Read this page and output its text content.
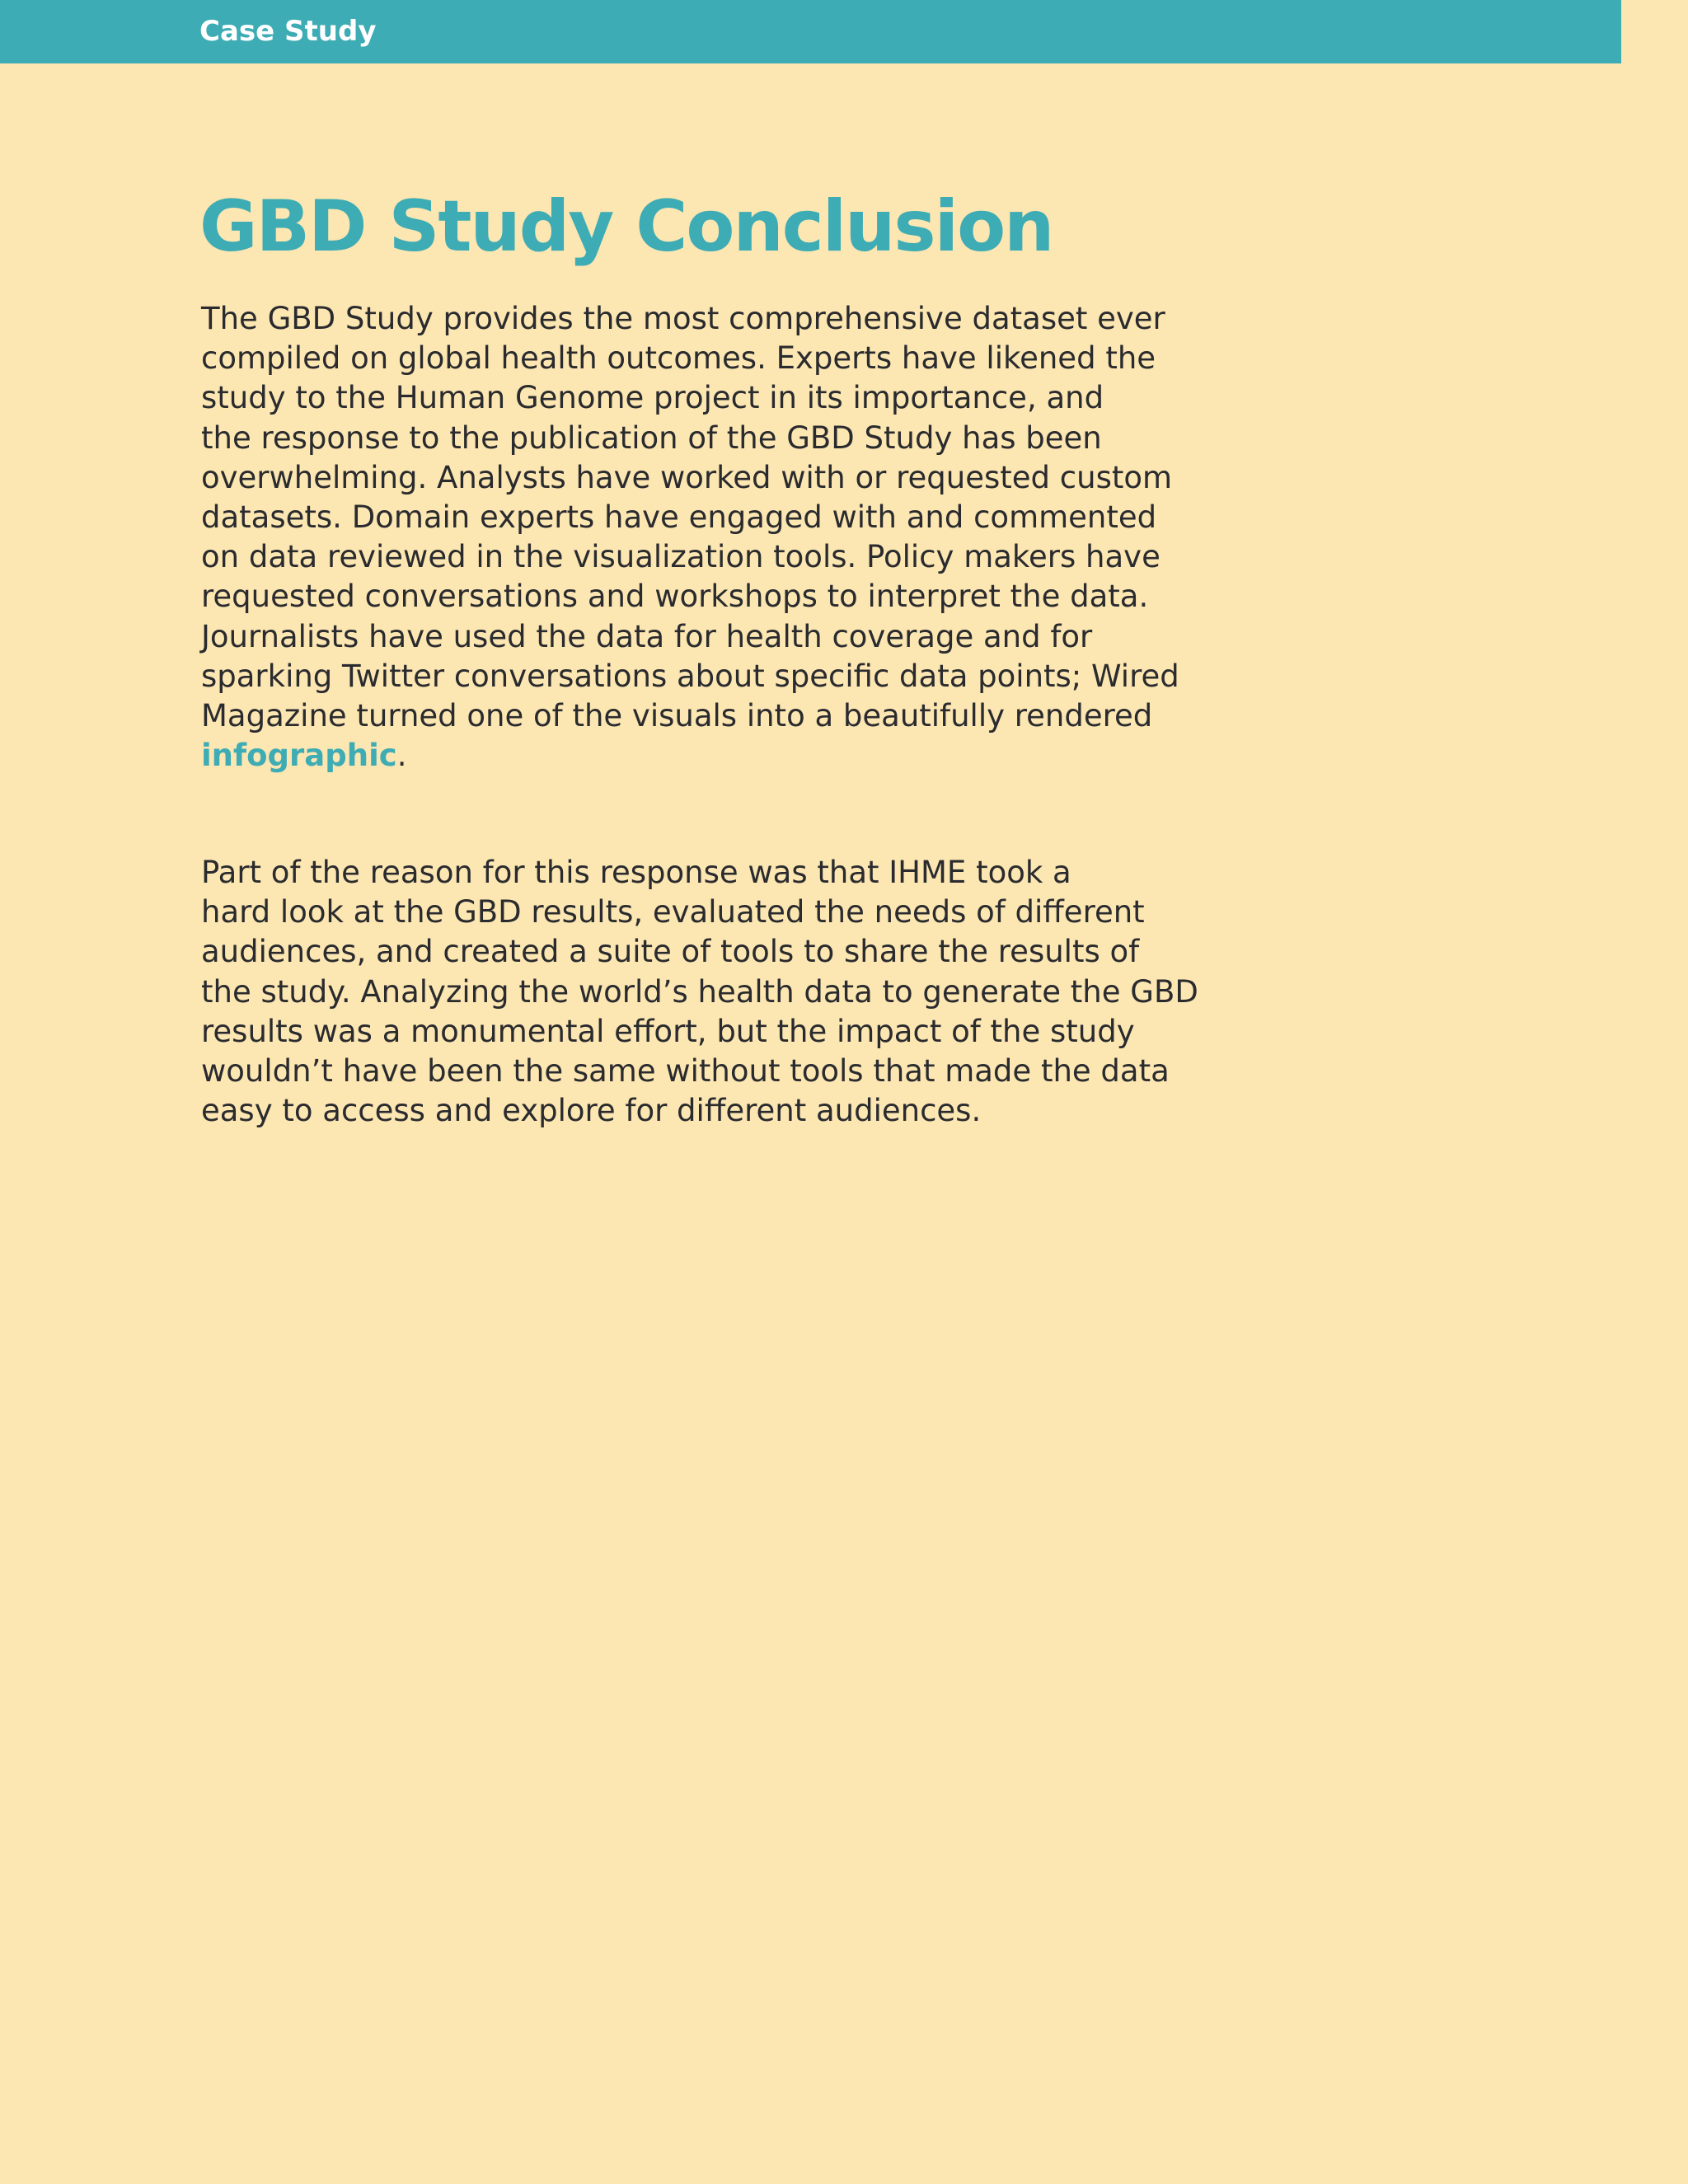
Case Study
GBD Study Conclusion
The GBD Study provides the most comprehensive dataset ever
compiled on global health outcomes. Experts have likened the
study to the Human Genome project in its importance, and
the response to the publication of the GBD Study has been
overwhelming. Analysts have worked with or requested custom
datasets. Domain experts have engaged with and commented
on data reviewed in the visualization tools. Policy makers have
requested conversations and workshops to interpret the data.
Journalists have used the data for health coverage and for
sparking Twitter conversations about specific data points; Wired
Magazine turned one of the visuals into a beautifully rendered
infographic.
Part of the reason for this response was that IHME took a
hard look at the GBD results, evaluated the needs of different
audiences, and created a suite of tools to share the results of
the study. Analyzing the world’s health data to generate the GBD
results was a monumental effort, but the impact of the study
wouldn’t have been the same without tools that made the data
easy to access and explore for different audiences.
